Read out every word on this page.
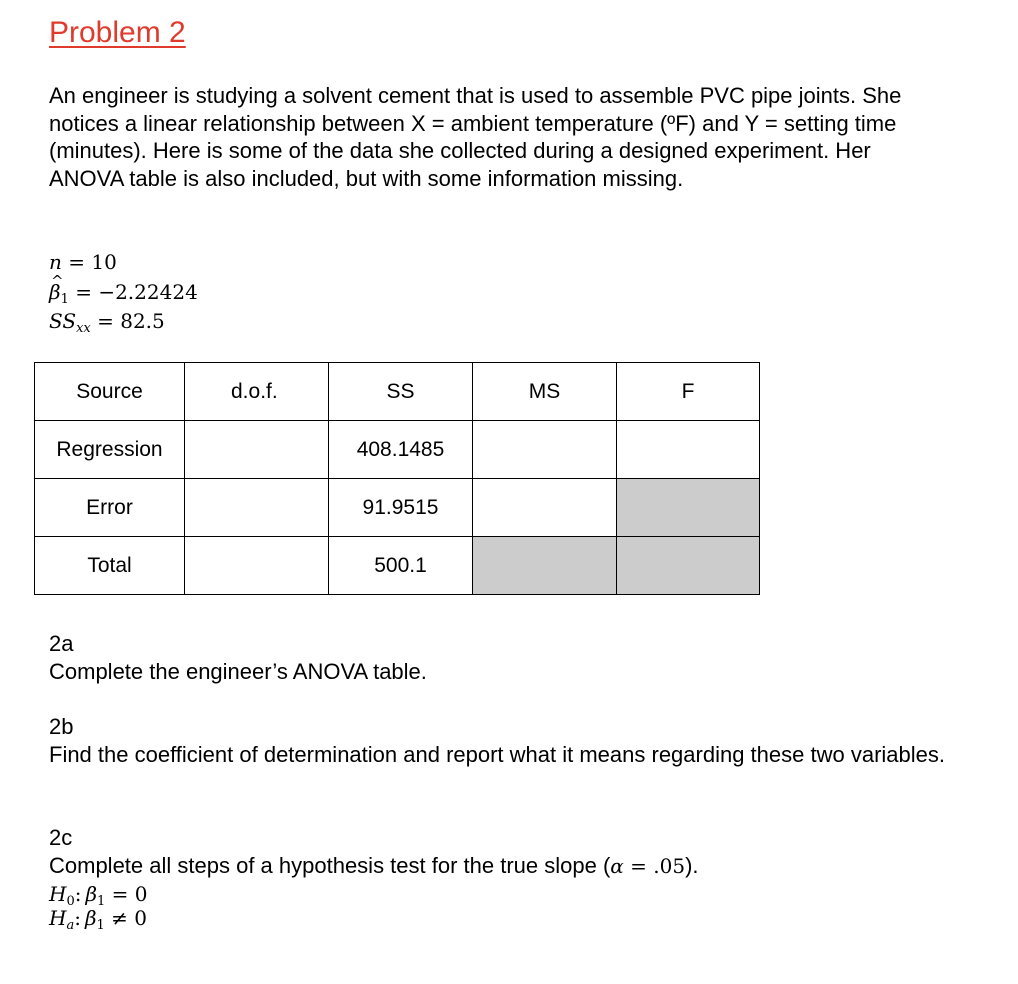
Problem 2

An engineer is studying a solvent cement that is used to assemble PVC pipe joints. She notices a linear relationship between X = ambient temperature (ºF) and Y = setting time (minutes). Here is some of the data she collected during a designed experiment. Her ANOVA table is also included, but with some information missing.

n = 10
^ $\beta_1 = -2.22424$
$SS_{xx} = 82.5$
Source	d.o.f.	SS	MS	F
Regression		408.1485		
Error		91.9515		
Total		500.1		

2a

Complete the engineer’s ANOVA table.

2b

Find the coefficient of determination and report what it means regarding these two variables.

2c

Complete all steps of a hypothesis test for the true slope (α = .05).

$H_0$: $\beta_1 = 0$
$H_a$: $\beta_1 \ne 0$
